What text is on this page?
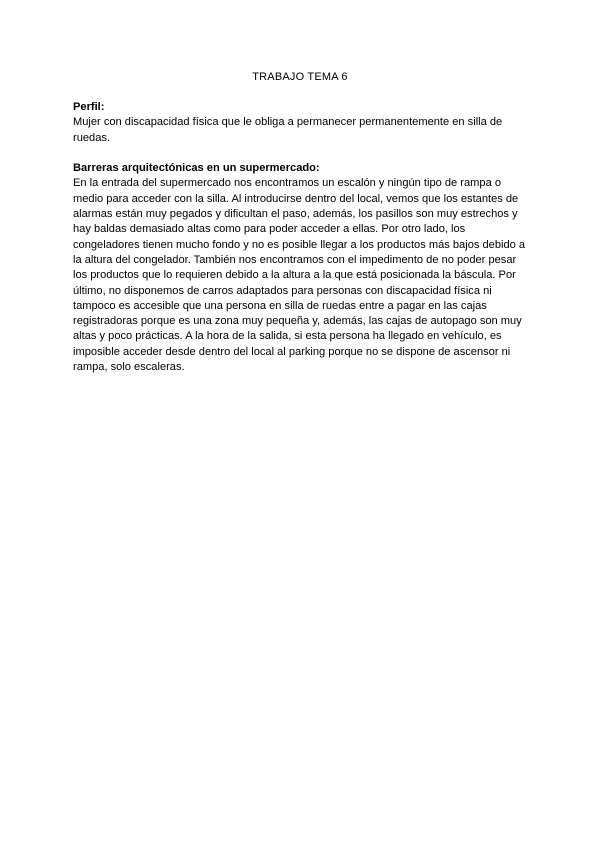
TRABAJO TEMA 6

Perfil:

Mujer con discapacidad física que le obliga a permanecer permanentemente en silla de ruedas.

Barreras arquitectónicas en un supermercado:

En la entrada del supermercado nos encontramos un escalón y ningún tipo de rampa o medio para acceder con la silla. Al introducirse dentro del local, vemos que los estantes de alarmas están muy pegados y dificultan el paso, además, los pasillos son muy estrechos y hay baldas demasiado altas como para poder acceder a ellas. Por otro lado, los congeladores tienen mucho fondo y no es posible llegar a los productos más bajos debido a la altura del congelador. También nos encontramos con el impedimento de no poder pesar los productos que lo requieren debido a la altura a la que está posicionada la báscula. Por último, no disponemos de carros adaptados para personas con discapacidad física ni tampoco es accesible que una persona en silla de ruedas entre a pagar en las cajas registradoras porque es una zona muy pequeña y, además, las cajas de autopago son muy altas y poco prácticas. A la hora de la salida, si esta persona ha llegado en vehículo, es imposible acceder desde dentro del local al parking porque no se dispone de ascensor ni rampa, solo escaleras.
